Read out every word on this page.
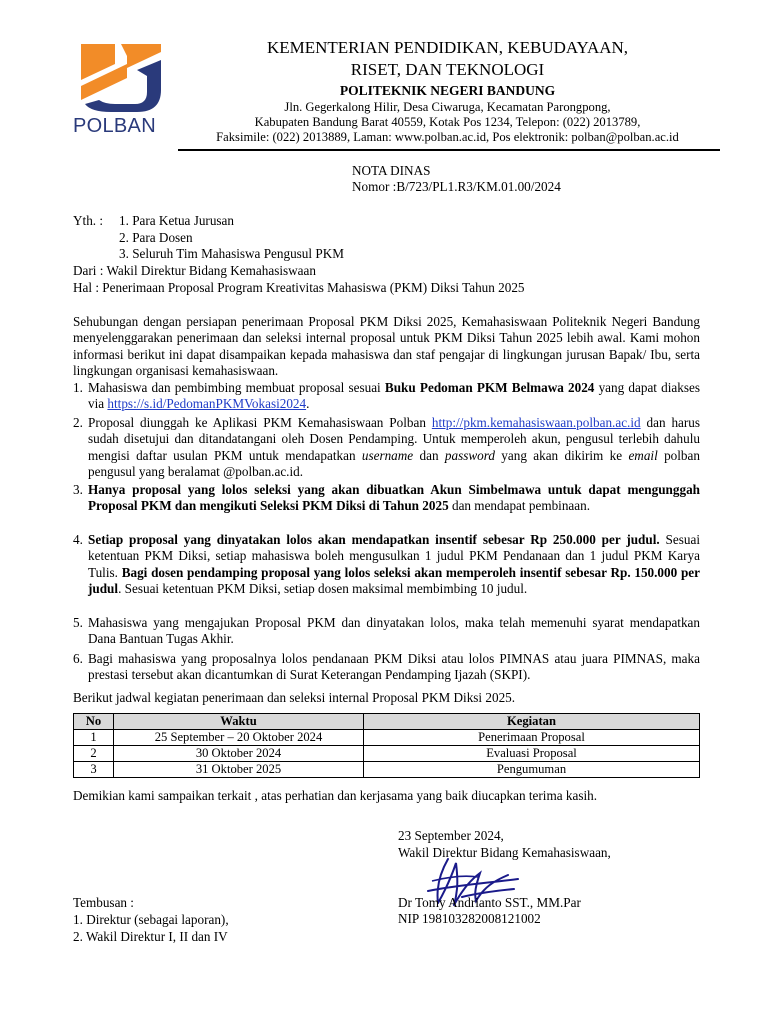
POLBAN
KEMENTERIAN PENDIDIKAN, KEBUDAYAAN,
RISET, DAN TEKNOLOGI
POLITEKNIK NEGERI BANDUNG
Jln. Gegerkalong Hilir, Desa Ciwaruga, Kecamatan Parongpong,
Kabupaten Bandung Barat 40559, Kotak Pos 1234, Telepon: (022) 2013789,
Faksimile: (022) 2013889, Laman: www.polban.ac.id, Pos elektronik: polban@polban.ac.id
NOTA DINAS
Nomor :B/723/PL1.R3/KM.01.00/2024
Yth. : 1. Para Ketua Jurusan
2. Para Dosen
3. Seluruh Tim Mahasiswa Pengusul PKM
Dari : Wakil Direktur Bidang Kemahasiswaan
Hal : Penerimaan Proposal Program Kreativitas Mahasiswa (PKM) Diksi Tahun 2025
Sehubungan dengan persiapan penerimaan Proposal PKM Diksi 2025, Kemahasiswaan Politeknik Negeri Bandung menyelenggarakan penerimaan dan seleksi internal proposal untuk PKM Diksi Tahun 2025 lebih awal. Kami mohon informasi berikut ini dapat disampaikan kepada mahasiswa dan staf pengajar di lingkungan jurusan Bapak/ Ibu, serta lingkungan organisasi kemahasiswaan.
1. Mahasiswa dan pembimbing membuat proposal sesuai Buku Pedoman PKM Belmawa 2024 yang dapat diakses via https://s.id/PedomanPKMVokasi2024.
2. Proposal diunggah ke Aplikasi PKM Kemahasiswaan Polban http://pkm.kemahasiswaan.polban.ac.id dan harus sudah disetujui dan ditandatangani oleh Dosen Pendamping. Untuk memperoleh akun, pengusul terlebih dahulu mengisi daftar usulan PKM untuk mendapatkan username dan password yang akan dikirim ke email polban pengusul yang beralamat @polban.ac.id.
3. Hanya proposal yang lolos seleksi yang akan dibuatkan Akun Simbelmawa untuk dapat mengunggah Proposal PKM dan mengikuti Seleksi PKM Diksi di Tahun 2025 dan mendapat pembinaan.
4. Setiap proposal yang dinyatakan lolos akan mendapatkan insentif sebesar Rp 250.000 per judul. Sesuai ketentuan PKM Diksi, setiap mahasiswa boleh mengusulkan 1 judul PKM Pendanaan dan 1 judul PKM Karya Tulis. Bagi dosen pendamping proposal yang lolos seleksi akan memperoleh insentif sebesar Rp. 150.000 per judul. Sesuai ketentuan PKM Diksi, setiap dosen maksimal membimbing 10 judul.
5. Mahasiswa yang mengajukan Proposal PKM dan dinyatakan lolos, maka telah memenuhi syarat mendapatkan Dana Bantuan Tugas Akhir.
6. Bagi mahasiswa yang proposalnya lolos pendanaan PKM Diksi atau lolos PIMNAS atau juara PIMNAS, maka prestasi tersebut akan dicantumkan di Surat Keterangan Pendamping Ijazah (SKPI).
Berikut jadwal kegiatan penerimaan dan seleksi internal Proposal PKM Diksi 2025.
No	Waktu	Kegiatan
1	25 September – 20 Oktober 2024	Penerimaan Proposal
2	30 Oktober 2024	Evaluasi Proposal
3	31 Oktober 2025	Pengumuman
Demikian kami sampaikan terkait , atas perhatian dan kerjasama yang baik diucapkan terima kasih.
23 September 2024,
Wakil Direktur Bidang Kemahasiswaan,
Dr Tomy Andrianto SST., MM.Par
NIP 198103282008121002
Tembusan :
1. Direktur (sebagai laporan),
2. Wakil Direktur I, II dan IV
